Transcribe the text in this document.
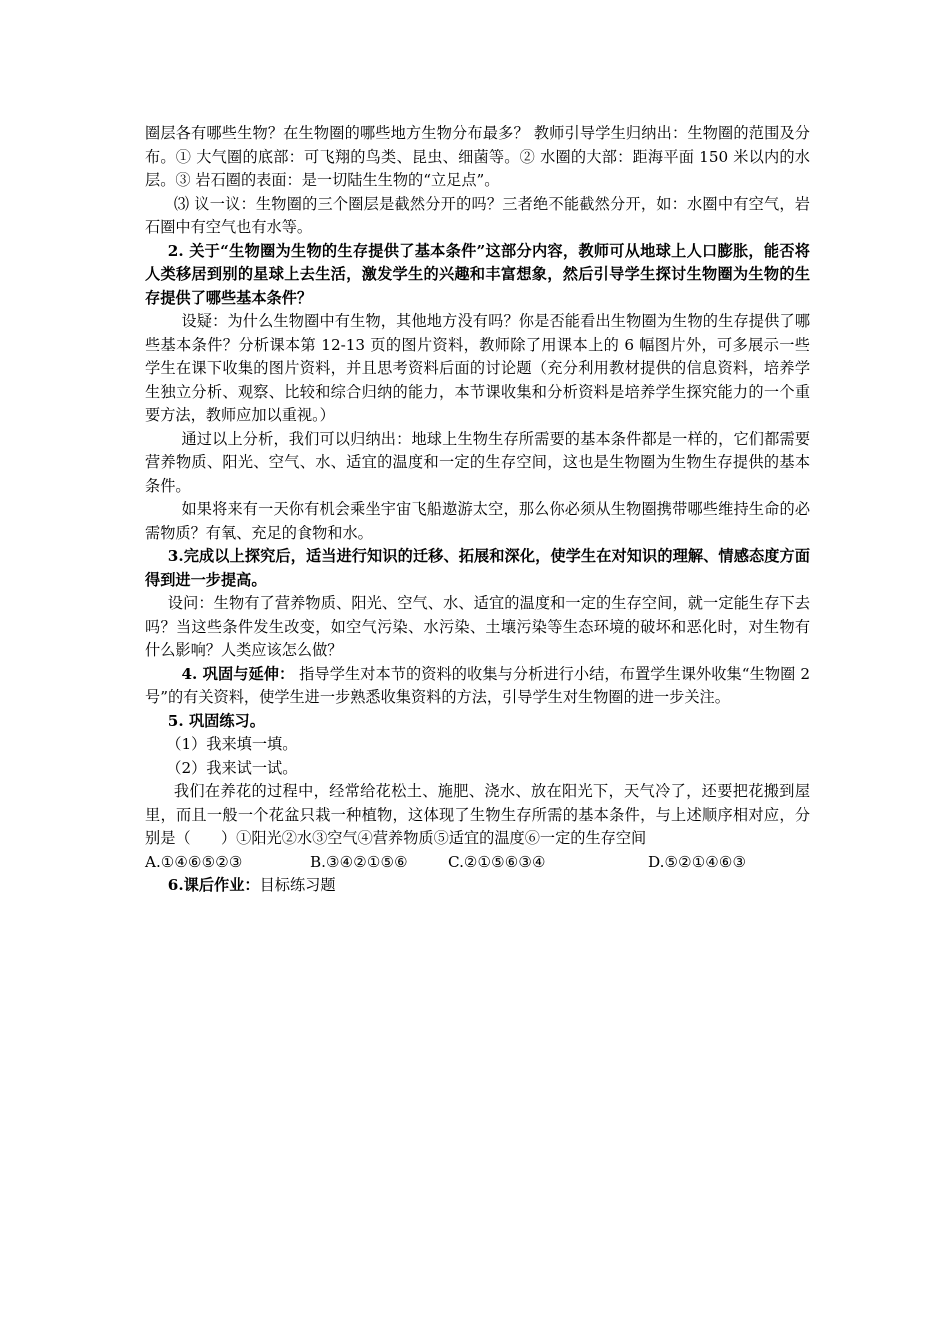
圈层各有哪些生物？在生物圈的哪些地方生物分布最多？ 教师引导学生归纳出：生物圈的范围及分布。① 大气圈的底部：可飞翔的鸟类、昆虫、细菌等。② 水圈的大部：距海平面 150 米以内的水层。③ 岩石圈的表面：是一切陆生生物的“立足点”。

⑶ 议一议：生物圈的三个圈层是截然分开的吗？三者绝不能截然分开，如：水圈中有空气，岩石圈中有空气也有水等。

2. 关于“生物圈为生物的生存提供了基本条件”这部分内容，教师可从地球上人口膨胀，能否将人类移居到别的星球上去生活，激发学生的兴趣和丰富想象，然后引导学生探讨生物圈为生物的生存提供了哪些基本条件？

设疑：为什么生物圈中有生物，其他地方没有吗？你是否能看出生物圈为生物的生存提供了哪些基本条件？分析课本第 12-13 页的图片资料，教师除了用课本上的 6 幅图片外，可多展示一些学生在课下收集的图片资料，并且思考资料后面的讨论题（充分利用教材提供的信息资料，培养学生独立分析、观察、比较和综合归纳的能力，本节课收集和分析资料是培养学生探究能力的一个重要方法，教师应加以重视。）

通过以上分析，我们可以归纳出：地球上生物生存所需要的基本条件都是一样的，它们都需要营养物质、阳光、空气、水、适宜的温度和一定的生存空间，这也是生物圈为生物生存提供的基本条件。

如果将来有一天你有机会乘坐宇宙飞船遨游太空，那么你必须从生物圈携带哪些维持生命的必需物质？有氧、充足的食物和水。

3.完成以上探究后，适当进行知识的迁移、拓展和深化，使学生在对知识的理解、情感态度方面得到进一步提高。

设问：生物有了营养物质、阳光、空气、水、适宜的温度和一定的生存空间，就一定能生存下去吗？当这些条件发生改变，如空气污染、水污染、土壤污染等生态环境的破坏和恶化时，对生物有什么影响？人类应该怎么做？

4. 巩固与延伸： 指导学生对本节的资料的收集与分析进行小结，布置学生课外收集“生物圈 2 号”的有关资料，使学生进一步熟悉收集资料的方法，引导学生对生物圈的进一步关注。

5. 巩固练习。

（1）我来填一填。

（2）我来试一试。

我们在养花的过程中，经常给花松土、施肥、浇水、放在阳光下，天气冷了，还要把花搬到屋里，而且一般一个花盆只栽一种植物，这体现了生物生存所需的基本条件，与上述顺序相对应，分别是（　　）①阳光②水③空气④营养物质⑤适宜的温度⑥一定的生存空间

A.①④⑥⑤②③	B.③④②①⑤⑥	C.②①⑤⑥③④	D.⑤②①④⑥③

6.课后作业：目标练习题
